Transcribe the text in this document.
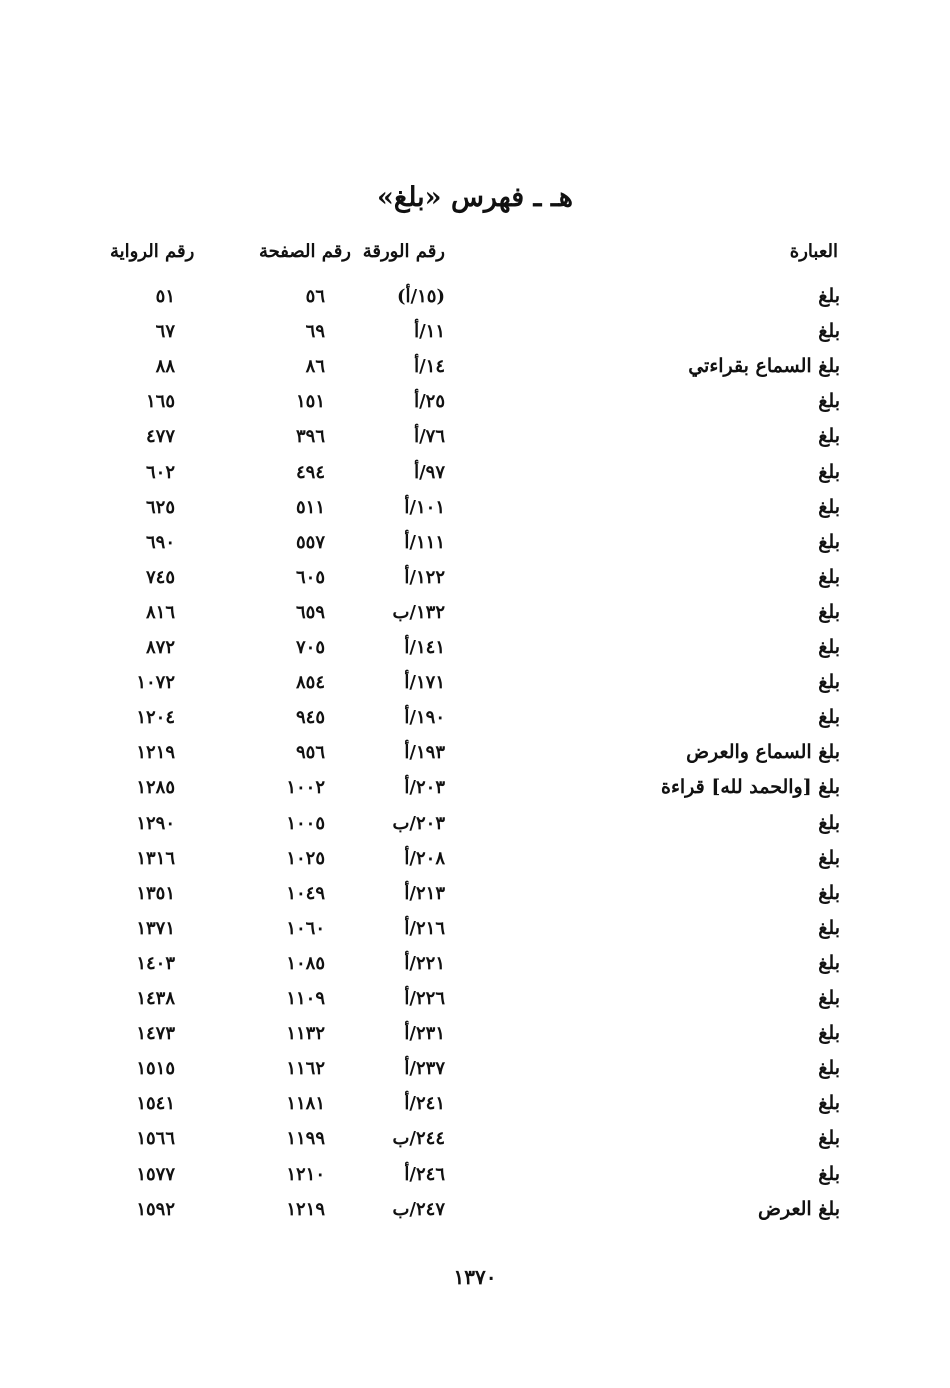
هـ ـ فهرس «بلغ»
العبارة
رقم الورقة
رقم الصفحة
رقم الرواية
بلغ
(١٥/أ)
٥٦
٥١
بلغ
١١/أ
٦٩
٦٧
بلغ السماع بقراءتي
١٤/أ
٨٦
٨٨
بلغ
٢٥/أ
١٥١
١٦٥
بلغ
٧٦/أ
٣٩٦
٤٧٧
بلغ
٩٧/أ
٤٩٤
٦٠٢
بلغ
١٠١/أ
٥١١
٦٢٥
بلغ
١١١/أ
٥٥٧
٦٩٠
بلغ
١٢٢/أ
٦٠٥
٧٤٥
بلغ
١٣٢/ب
٦٥٩
٨١٦
بلغ
١٤١/أ
٧٠٥
٨٧٢
بلغ
١٧١/أ
٨٥٤
١٠٧٢
بلغ
١٩٠/أ
٩٤٥
١٢٠٤
بلغ السماع والعرض
١٩٣/أ
٩٥٦
١٢١٩
بلغ [والحمد لله] قراءة
٢٠٣/أ
١٠٠٢
١٢٨٥
بلغ
٢٠٣/ب
١٠٠٥
١٢٩٠
بلغ
٢٠٨/أ
١٠٢٥
١٣١٦
بلغ
٢١٣/أ
١٠٤٩
١٣٥١
بلغ
٢١٦/أ
١٠٦٠
١٣٧١
بلغ
٢٢١/أ
١٠٨٥
١٤٠٣
بلغ
٢٢٦/أ
١١٠٩
١٤٣٨
بلغ
٢٣١/أ
١١٣٢
١٤٧٣
بلغ
٢٣٧/أ
١١٦٢
١٥١٥
بلغ
٢٤١/أ
١١٨١
١٥٤١
بلغ
٢٤٤/ب
١١٩٩
١٥٦٦
بلغ
٢٤٦/أ
١٢١٠
١٥٧٧
بلغ العرض
٢٤٧/ب
١٢١٩
١٥٩٢
١٣٧٠
